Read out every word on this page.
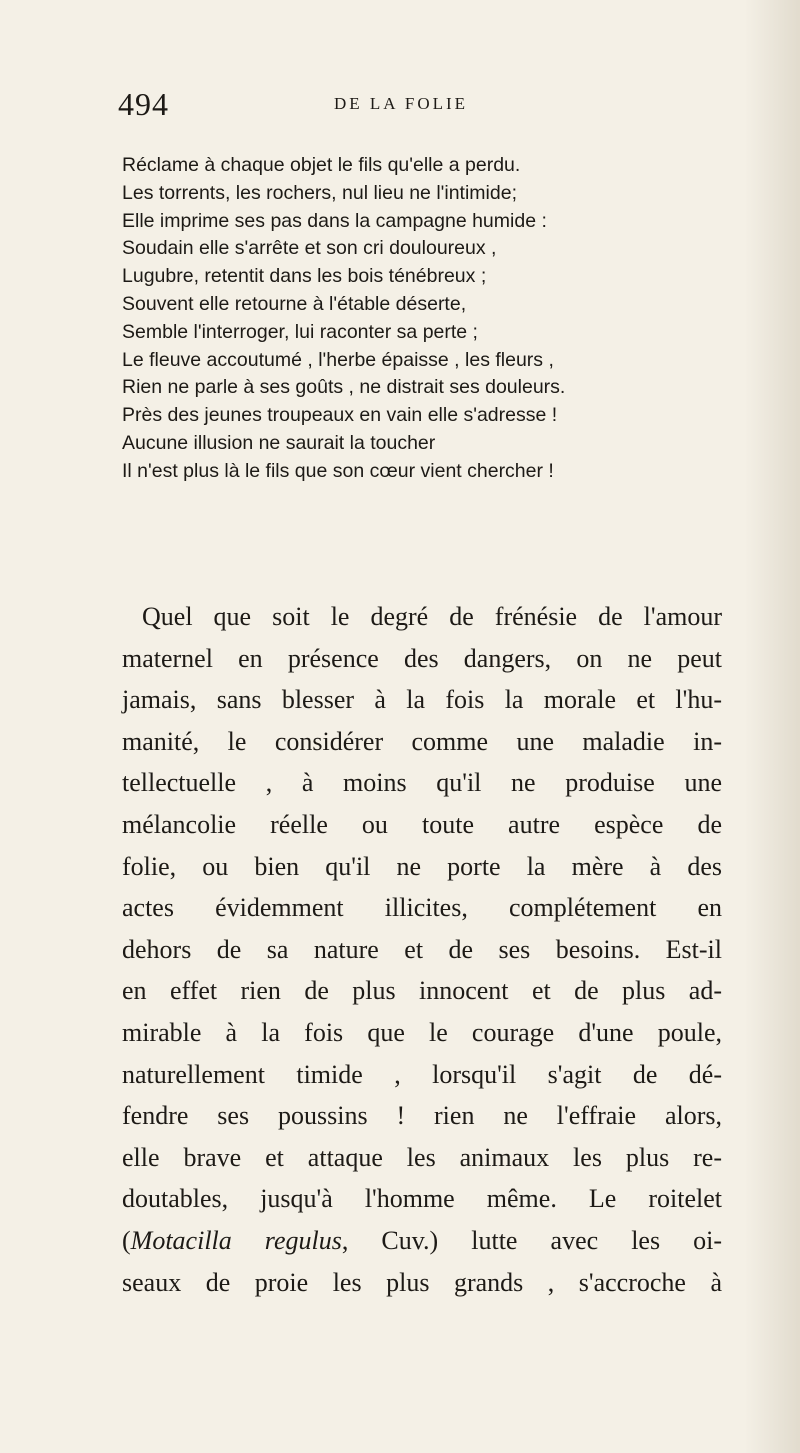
494	DE LA FOLIE
Réclame à chaque objet le fils qu'elle a perdu.
Les torrents, les rochers, nul lieu ne l'intimide;
Elle imprime ses pas dans la campagne humide :
Soudain elle s'arrête et son cri douloureux ,
Lugubre, retentit dans les bois ténébreux ;
Souvent elle retourne à l'étable déserte,
Semble l'interroger, lui raconter sa perte ;
Le fleuve accoutumé , l'herbe épaisse , les fleurs ,
Rien ne parle à ses goûts , ne distrait ses douleurs.
Près des jeunes troupeaux en vain elle s'adresse !
Aucune illusion ne saurait la toucher
Il n'est plus là le fils que son cœur vient chercher !
Quel que soit le degré de frénésie de l'amour
maternel en présence des dangers, on ne peut
jamais, sans blesser à la fois la morale et l'hu-
manité, le considérer comme une maladie in-
tellectuelle , à moins qu'il ne produise une
mélancolie réelle ou toute autre espèce de
folie, ou bien qu'il ne porte la mère à des
actes évidemment illicites, complétement en
dehors de sa nature et de ses besoins. Est-il
en effet rien de plus innocent et de plus ad-
mirable à la fois que le courage d'une poule,
naturellement timide , lorsqu'il s'agit de dé-
fendre ses poussins ! rien ne l'effraie alors,
elle brave et attaque les animaux les plus re-
doutables, jusqu'à l'homme même. Le roitelet
(Motacilla regulus, Cuv.) lutte avec les oi-
seaux de proie les plus grands , s'accroche à
